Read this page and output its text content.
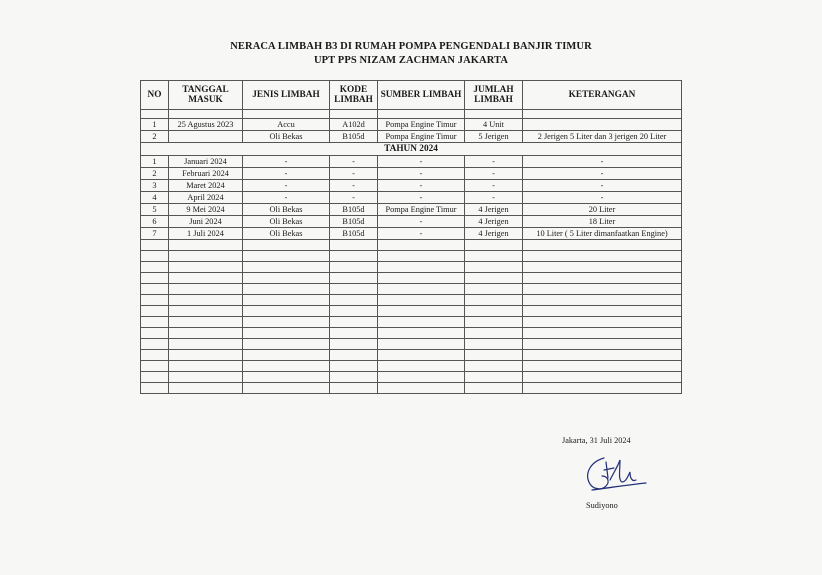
NERACA LIMBAH B3 DI RUMAH POMPA PENGENDALI BANJIR TIMUR
UPT PPS NIZAM ZACHMAN JAKARTA
NO	TANGGAL MASUK	JENIS LIMBAH	KODE LIMBAH	SUMBER LIMBAH	JUMLAH LIMBAH	KETERANGAN

1	25 Agustus 2023	Accu	A102d	Pompa Engine Timur	4 Unit	
2		Oli Bekas	B105d	Pompa Engine Timur	5 Jerigen	2 Jerigen 5 Liter dan 3 jerigen 20 Liter
TAHUN 2024						
1	Januari 2024	-	-	-	-	-
2	Februari 2024	-	-	-	-	-
3	Maret 2024	-	-	-	-	-
4	April 2024	-	-	-	-	-
5	9 Mei 2024	Oli Bekas	B105d	Pompa Engine Timur	4 Jerigen	20 Liter
6	Juni 2024	Oli Bekas	B105d	-	4 Jerigen	18 Liter
7	1 Juli 2024	Oli Bekas	B105d	-	4 Jerigen	10 Liter ( 5 Liter dimanfaatkan Engine)

Jakarta, 31 Juli 2024
Sudiyono
